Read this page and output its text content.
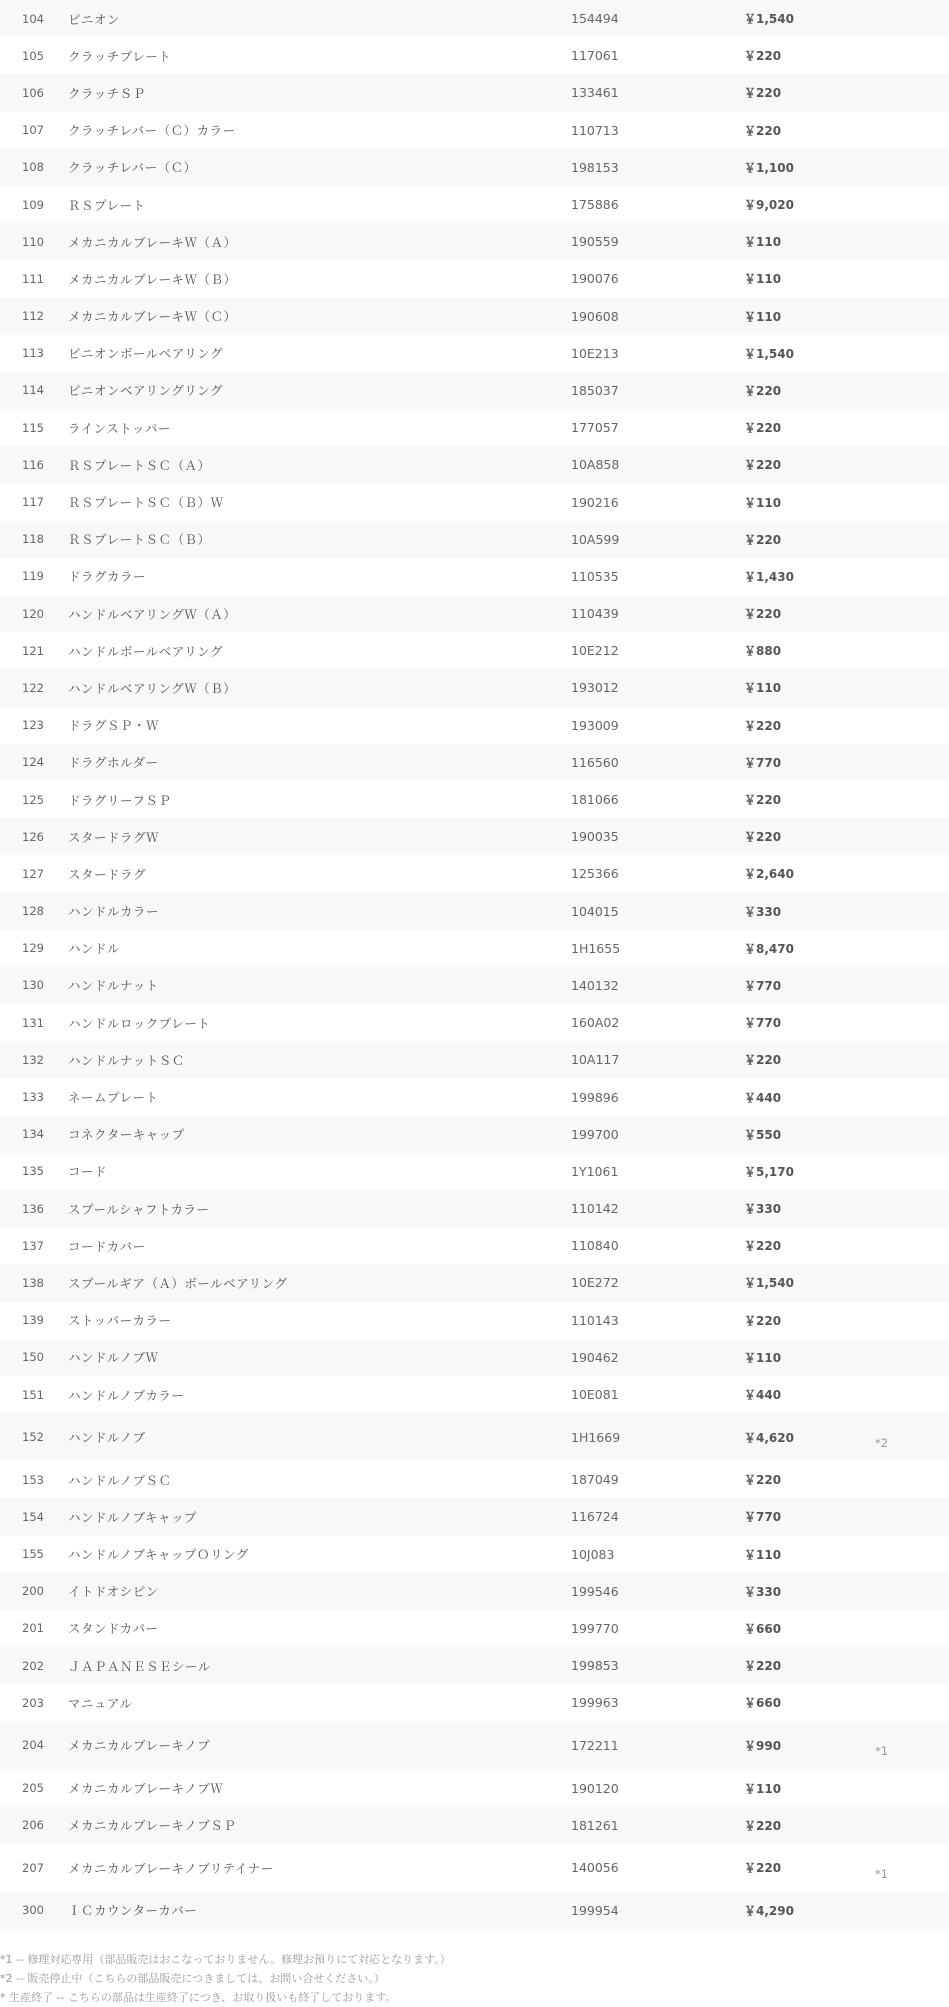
104	ピニオン	154494	￥1,540	
105	クラッチプレート	117061	￥220	
106	クラッチＳＰ	133461	￥220	
107	クラッチレバー（Ｃ）カラー	110713	￥220	
108	クラッチレバー（Ｃ）	198153	￥1,100	
109	ＲＳプレート	175886	￥9,020	
110	メカニカルブレーキＷ（Ａ）	190559	￥110	
111	メカニカルブレーキＷ（Ｂ）	190076	￥110	
112	メカニカルブレーキＷ（Ｃ）	190608	￥110	
113	ピニオンボールベアリング	10E213	￥1,540	
114	ピニオンベアリングリング	185037	￥220	
115	ラインストッパー	177057	￥220	
116	ＲＳプレートＳＣ（Ａ）	10A858	￥220	
117	ＲＳプレートＳＣ（Ｂ）Ｗ	190216	￥110	
118	ＲＳプレートＳＣ（Ｂ）	10A599	￥220	
119	ドラグカラー	110535	￥1,430	
120	ハンドルベアリングＷ（Ａ）	110439	￥220	
121	ハンドルボールベアリング	10E212	￥880	
122	ハンドルベアリングＷ（Ｂ）	193012	￥110	
123	ドラグＳＰ・Ｗ	193009	￥220	
124	ドラグホルダー	116560	￥770	
125	ドラグリーフＳＰ	181066	￥220	
126	スタードラグＷ	190035	￥220	
127	スタードラグ	125366	￥2,640	
128	ハンドルカラー	104015	￥330	
129	ハンドル	1H1655	￥8,470	
130	ハンドルナット	140132	￥770	
131	ハンドルロックプレート	160A02	￥770	
132	ハンドルナットＳＣ	10A117	￥220	
133	ネームプレート	199896	￥440	
134	コネクターキャップ	199700	￥550	
135	コード	1Y1061	￥5,170	
136	スプールシャフトカラー	110142	￥330	
137	コードカバー	110840	￥220	
138	スプールギア（Ａ）ボールベアリング	10E272	￥1,540	
139	ストッパーカラー	110143	￥220	
150	ハンドルノブＷ	190462	￥110	
151	ハンドルノブカラー	10E081	￥440	
152	ハンドルノブ	1H1669	￥4,620	*2
153	ハンドルノブＳＣ	187049	￥220	
154	ハンドルノブキャップ	116724	￥770	
155	ハンドルノブキャップＯリング	10J083	￥110	
200	イトドオシピン	199546	￥330	
201	スタンドカバー	199770	￥660	
202	ＪＡＰＡＮＥＳＥシール	199853	￥220	
203	マニュアル	199963	￥660	
204	メカニカルブレーキノブ	172211	￥990	*1
205	メカニカルブレーキノブＷ	190120	￥110	
206	メカニカルブレーキノブＳＰ	181261	￥220	
207	メカニカルブレーキノブリテイナー	140056	￥220	*1
300	ＩＣカウンターカバー	199954	￥4,290	
*1 -- 修理対応専用（部品販売はおこなっておりません。修理お預りにて対応となります。）
*2 -- 販売停止中（こちらの部品販売につきましては、お問い合せください。）
* 生産終了 -- こちらの部品は生産終了につき、お取り扱いも終了しております。
